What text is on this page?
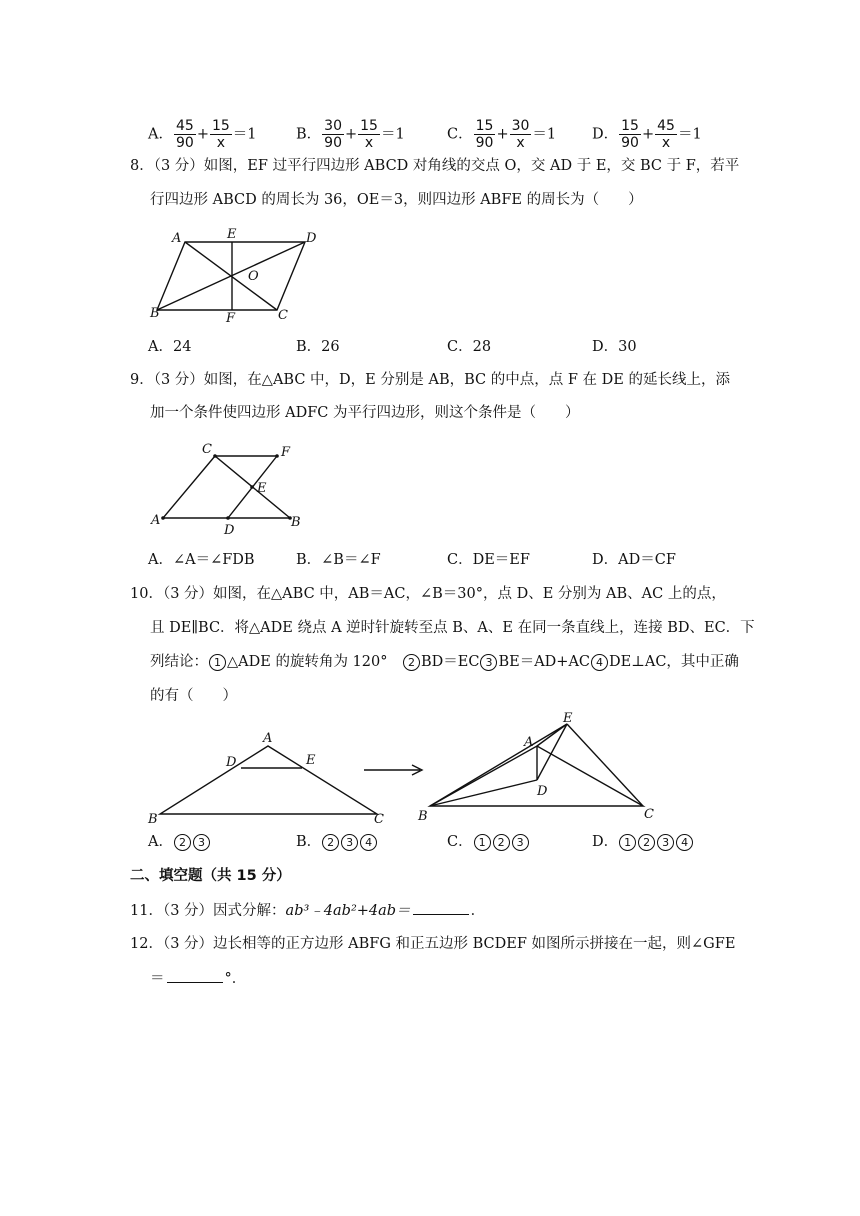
A． $\frac{45}{90} + \frac{15}{x} =1$	B． $\frac{30}{90} + \frac{15}{x} =1$	C． $\frac{15}{90} + \frac{30}{x} =1$ D． $\frac{15}{90} + \frac{45}{x} =1$
8．（3 分）如图，EF 过平行四边形 ABCD 对角线的交点 O，交 AD 于 E，交 BC 于 F，若平
行四边形 ABCD 的周长为 36，OE＝3，则四边形 ABFE 的周长为（　　）
A	E	D
O
B	F	C
A．24	B．26	C．28	D．30
9．（3 分）如图，在△ABC 中，D，E 分别是 AB，BC 的中点，点 F 在 DE 的延长线上，添
加一个条件使四边形 ADFC 为平行四边形，则这个条件是（　　）
C	F
E
A
D
B
A．∠A＝∠FDB	B．∠B＝∠F	C．DE＝EF	D．AD＝CF
10．（3 分）如图，在△ABC 中，AB＝AC，∠B＝30°，点 D、E 分别为 AB、AC 上的点，
且 DE∥BC．将△ADE 绕点 A 逆时针旋转至点 B、A、E 在同一条直线上，连接 BD、EC．下
列结论： 1 △ADE 的旋转角为 120°　2 BD＝EC 3 BE＝AD+AC 4 DE⊥AC，其中正确
的有（　　）
A
D	E
B	C
E
A
D
B	C
A． 2 3	B． 2 3 4	C． 1 2 3	D． 1 2 3 4
二、填空题（共 15 分）
11．（3 分）因式分解：ab³﹣4ab²+4ab＝	．
12．（3 分）边长相等的正方边形 ABFG 和正五边形 BCDEF 如图所示拼接在一起，则∠GFE
＝	°．
